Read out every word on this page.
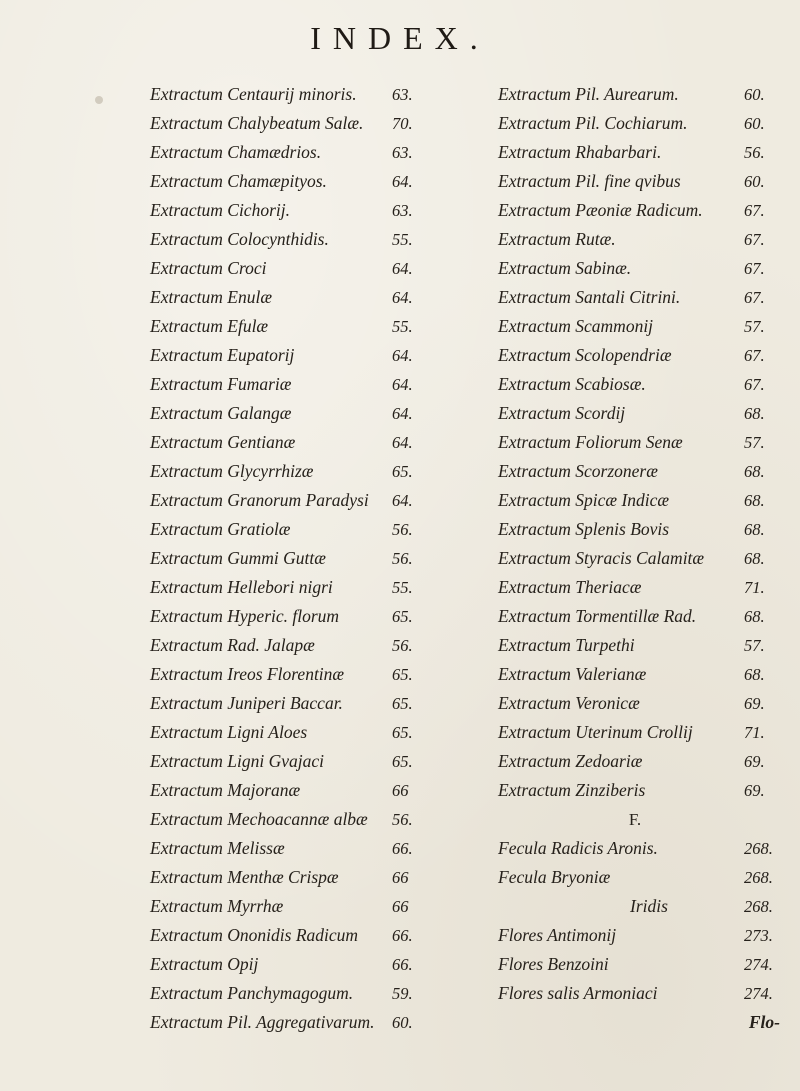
INDEX.
Extractum Centaurij minoris. 63.
Extractum Chalybeatum Salæ. 70.
Extractum Chamædrios.	63.
Extractum Chamæpityos.	64.
Extractum Cichorij.	63.
Extractum Colocynthidis.	55.
Extractum Croci	64.
Extractum Enulæ	64.
Extractum Efulæ	55.
Extractum Eupatorij	64.
Extractum Fumariæ	64.
Extractum Galangæ	64.
Extractum Gentianæ	64.
Extractum Glycyrrhizæ	65.
Extractum Granorum Paradysi 64.
Extractum Gratiolæ	56.
Extractum Gummi Guttæ	56.
Extractum Hellebori nigri	55.
Extractum Hyperic. florum	65.
Extractum Rad. Jalapæ	56.
Extractum Ireos Florentinæ	65.
Extractum Juniperi Baccar.	65.
Extractum Ligni Aloes	65.
Extractum Ligni Gvajaci	65.
Extractum Majoranæ	66
Extractum Mechoacannæ albæ 56.
Extractum Melissæ	66.
Extractum Menthæ Crispæ	66
Extractum Myrrhæ	66
Extractum Ononidis Radicum 66.
Extractum Opij	66.
Extractum Panchymagogum. 59.
Extractum Pil. Aggregativarum. 60.
Extractum Pil. Aurearum.	60.
Extractum Pil. Cochiarum.	60.
Extractum Rhabarbari.	56.
Extractum Pil. fine qvibus	60.
Extractum Pæoniæ Radicum.	67.
Extractum Rutæ.	67.
Extractum Sabinæ.	67.
Extractum Santali Citrini.	67.
Extractum Scammonij	57.
Extractum Scolopendriæ	67.
Extractum Scabiosæ.	67.
Extractum Scordij	68.
Extractum Foliorum Senæ	57.
Extractum Scorzoneræ	68.
Extractum Spicæ Indicæ	68.
Extractum Splenis Bovis	68.
Extractum Styracis Calamitæ 68.
Extractum Theriacæ	71.
Extractum Tormentillæ Rad.	68.
Extractum Turpethi	57.
Extractum Valerianæ	68.
Extractum Veronicæ	69.
Extractum Uterinum Crollij	71.
Extractum Zedoariæ	69.
Extractum Zinziberis	69.
F.
Fecula Radicis Aronis.	268.
Fecula Bryoniæ	268.
Iridis	268.
Flores Antimonij	273.
Flores Benzoini	274.
Flores salis Armoniaci	274.
Flo-
